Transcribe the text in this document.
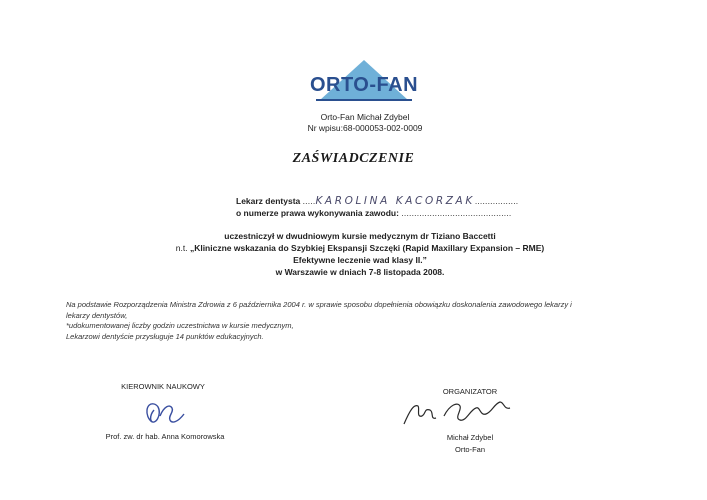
ORTO-FAN
Orto-Fan Michał Zdybel
Nr wpisu:68-000053-002-0009
ZAŚWIADCZENIE
Lekarz dentysta .....KAROLINA KACORZAK.................
o numerze prawa wykonywania zawodu: ...........................................
uczestniczył w dwudniowym kursie medycznym dr Tiziano Baccetti
n.t. „Kliniczne wskazania do Szybkiej Ekspansji Szczęki (Rapid Maxillary Expansion – RME)
Efektywne leczenie wad klasy II.”
w Warszawie w dniach 7-8 listopada 2008.
Na podstawie Rozporządzenia Ministra Zdrowia z 6 października 2004 r. w sprawie sposobu dopełnienia obowiązku doskonalenia zawodowego lekarzy i
lekarzy dentystów,
*udokumentowanej liczby godzin uczestnictwa w kursie medycznym,
Lekarzowi dentyście przysługuje 14 punktów edukacyjnych.
KIEROWNIK NAUKOWY
Prof. zw. dr hab. Anna Komorowska
ORGANIZATOR
Michał Zdybel
Orto-Fan
